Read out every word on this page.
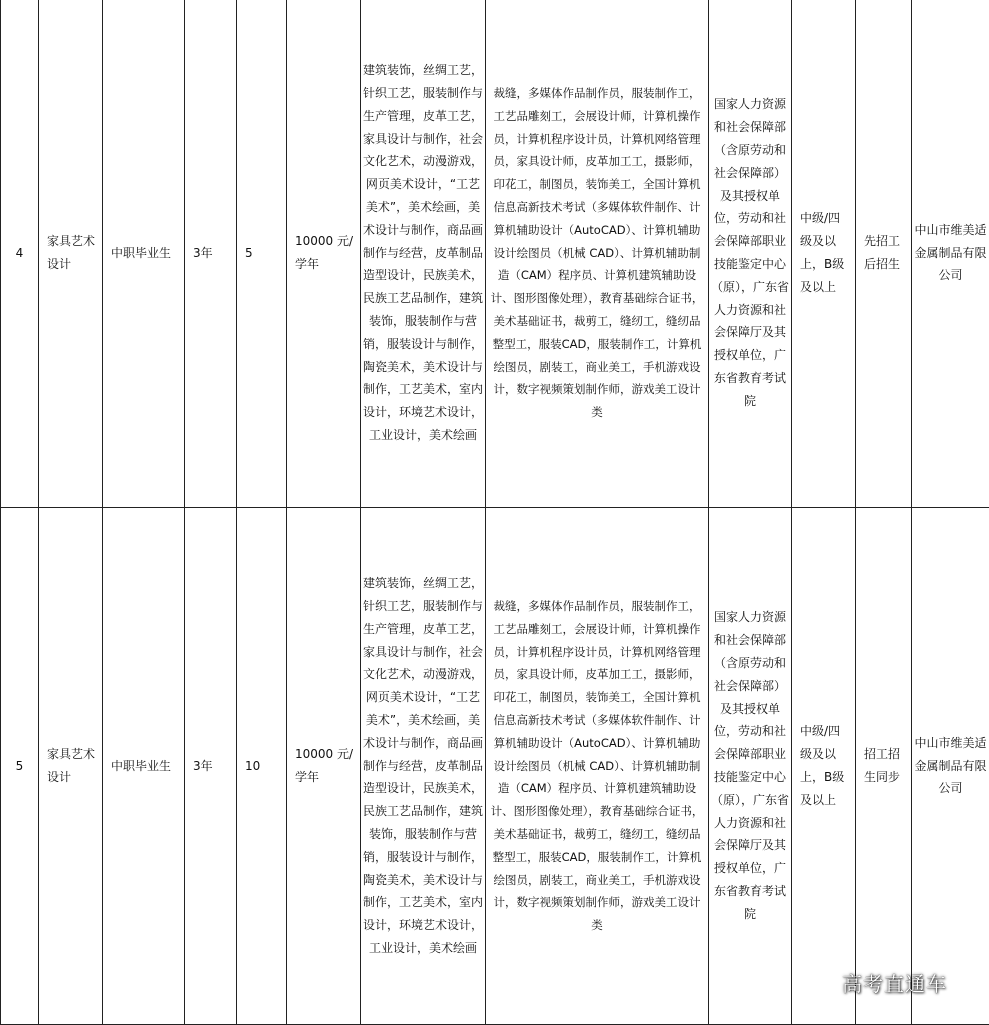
4	家具艺术设计	中职毕业生	3年	5	10000 元/学年	建筑装饰，丝绸工艺，针织工艺，服装制作与生产管理，皮革工艺，家具设计与制作，社会文化艺术，动漫游戏，网页美术设计，“工艺美术”，美术绘画，美术设计与制作，商品画制作与经营，皮革制品造型设计，民族美术，民族工艺品制作，建筑装饰，服装制作与营销，服装设计与制作，陶瓷美术，美术设计与制作，工艺美术，室内设计，环境艺术设计，工业设计，美术绘画	裁缝，多媒体作品制作员，服装制作工，工艺品雕刻工，会展设计师，计算机操作员，计算机程序设计员，计算机网络管理员，家具设计师，皮革加工工，摄影师，印花工，制图员，装饰美工，全国计算机信息高新技术考试（多媒体软件制作、计算机辅助设计（AutoCAD）、计算机辅助设计绘图员（机械 CAD）、计算机辅助制造（CAM）程序员、计算机建筑辅助设计、图形图像处理），教育基础综合证书，美术基础证书，裁剪工，缝纫工，缝纫品整型工，服装CAD，服装制作工，计算机绘图员，剧装工，商业美工，手机游戏设计，数字视频策划制作师，游戏美工设计类	国家人力资源和社会保障部（含原劳动和社会保障部）及其授权单位，劳动和社会保障部职业技能鉴定中心（原），广东省人力资源和社会保障厅及其授权单位，广东省教育考试院	中级/四级及以上，B级及以上	先招工后招生	中山市维美适金属制品有限公司
5	家具艺术设计	中职毕业生	3年	10	10000 元/学年	建筑装饰，丝绸工艺，针织工艺，服装制作与生产管理，皮革工艺，家具设计与制作，社会文化艺术，动漫游戏，网页美术设计，“工艺美术”，美术绘画，美术设计与制作，商品画制作与经营，皮革制品造型设计，民族美术，民族工艺品制作，建筑装饰，服装制作与营销，服装设计与制作，陶瓷美术，美术设计与制作，工艺美术，室内设计，环境艺术设计，工业设计，美术绘画	裁缝，多媒体作品制作员，服装制作工，工艺品雕刻工，会展设计师，计算机操作员，计算机程序设计员，计算机网络管理员，家具设计师，皮革加工工，摄影师，印花工，制图员，装饰美工，全国计算机信息高新技术考试（多媒体软件制作、计算机辅助设计（AutoCAD）、计算机辅助设计绘图员（机械 CAD）、计算机辅助制造（CAM）程序员、计算机建筑辅助设计、图形图像处理），教育基础综合证书，美术基础证书，裁剪工，缝纫工，缝纫品整型工，服装CAD，服装制作工，计算机绘图员，剧装工，商业美工，手机游戏设计，数字视频策划制作师，游戏美工设计类	国家人力资源和社会保障部（含原劳动和社会保障部）及其授权单位，劳动和社会保障部职业技能鉴定中心（原），广东省人力资源和社会保障厅及其授权单位，广东省教育考试院	中级/四级及以上，B级及以上	招工招生同步	中山市维美适金属制品有限公司
高考直通车
